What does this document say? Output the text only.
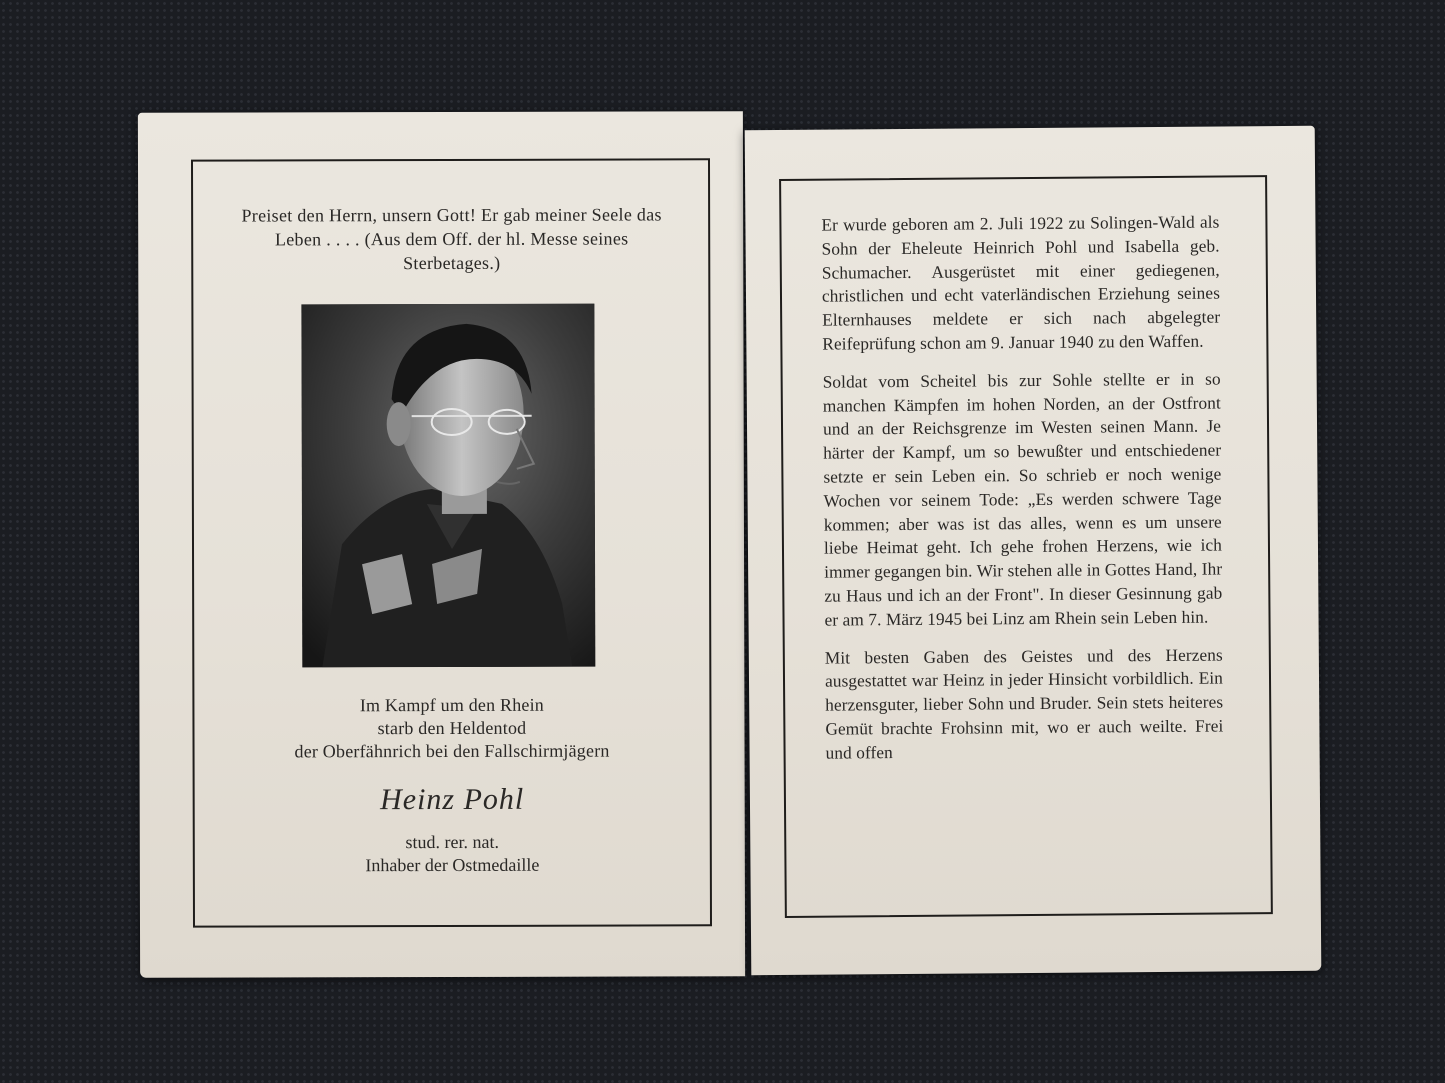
Preiset den Herrn, unsern Gott! Er gab meiner Seele das Leben . . . . (Aus dem Off. der hl. Messe seines Sterbetages.)
Im Kampf um den Rhein
starb den Heldentod
der Oberfähnrich bei den Fallschirmjägern
Heinz Pohl
stud. rer. nat.
Inhaber der Ostmedaille

Er wurde geboren am 2. Juli 1922 zu Solingen-Wald als Sohn der Eheleute Heinrich Pohl und Isabella geb. Schumacher. Ausgerüstet mit einer gediegenen, christlichen und echt vaterländischen Erziehung seines Elternhauses meldete er sich nach abgelegter Reifeprüfung schon am 9. Januar 1940 zu den Waffen.

Soldat vom Scheitel bis zur Sohle stellte er in so manchen Kämpfen im hohen Norden, an der Ostfront und an der Reichsgrenze im Westen seinen Mann. Je härter der Kampf, um so bewußter und entschiedener setzte er sein Leben ein. So schrieb er noch wenige Wochen vor seinem Tode: „Es werden schwere Tage kommen; aber was ist das alles, wenn es um unsere liebe Heimat geht. Ich gehe frohen Herzens, wie ich immer gegangen bin. Wir stehen alle in Gottes Hand, Ihr zu Haus und ich an der Front". In dieser Gesinnung gab er am 7. März 1945 bei Linz am Rhein sein Leben hin.

Mit besten Gaben des Geistes und des Herzens ausgestattet war Heinz in jeder Hinsicht vorbildlich. Ein herzensguter, lieber Sohn und Bruder. Sein stets heiteres Gemüt brachte Frohsinn mit, wo er auch weilte. Frei und offen
